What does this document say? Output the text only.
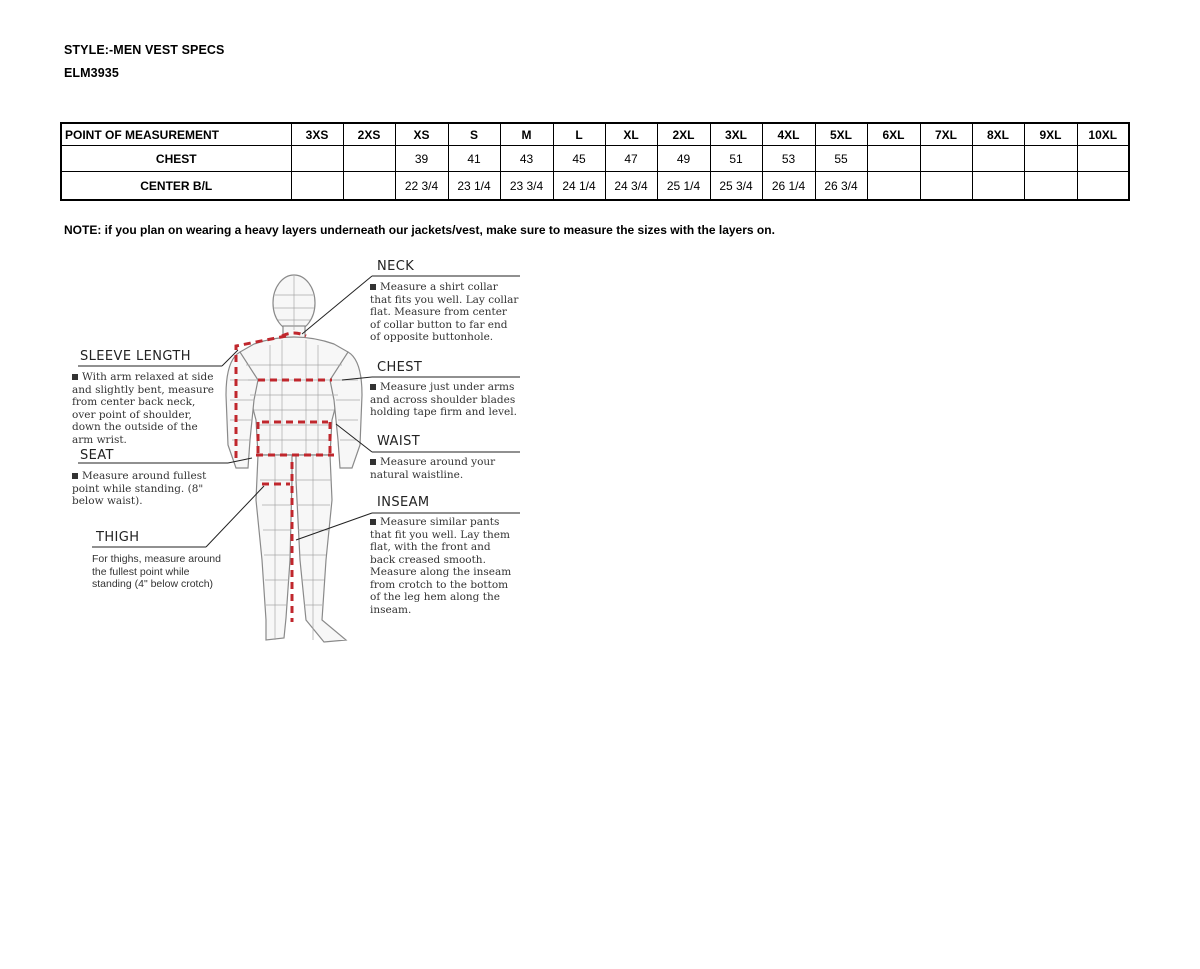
STYLE:-MEN VEST SPECS
ELM3935
POINT OF MEASUREMENT	3XS	2XS	XS	S	M	L	XL	2XL	3XL	4XL	5XL	6XL	7XL	8XL	9XL	10XL
CHEST			39	41	43	45	47	49	51	53	55					
CENTER B/L			22 3/4	23 1/4	23 3/4	24 1/4	24 3/4	25 1/4	25 3/4	26 1/4	26 3/4					
NOTE: if you plan on wearing a heavy layers underneath our jackets/vest, make sure to measure the sizes with the layers on.
NECK
Measure a shirt collar that fits you well. Lay collar flat. Measure from center of collar button to far end of opposite buttonhole.
CHEST
Measure just under arms and across shoulder blades holding tape firm and level.
WAIST
Measure around your natural waistline.
INSEAM
Measure similar pants that fit you well. Lay them flat, with the front and back creased smooth. Measure along the inseam from crotch to the bottom of the leg hem along the inseam.
SLEEVE LENGTH
With arm relaxed at side and slightly bent, measure from center back neck, over point of shoulder, down the outside of the arm wrist.
SEAT
Measure around fullest point while standing. (8" below waist).
THIGH
For thighs, measure around the fullest point while standing (4" below crotch)
